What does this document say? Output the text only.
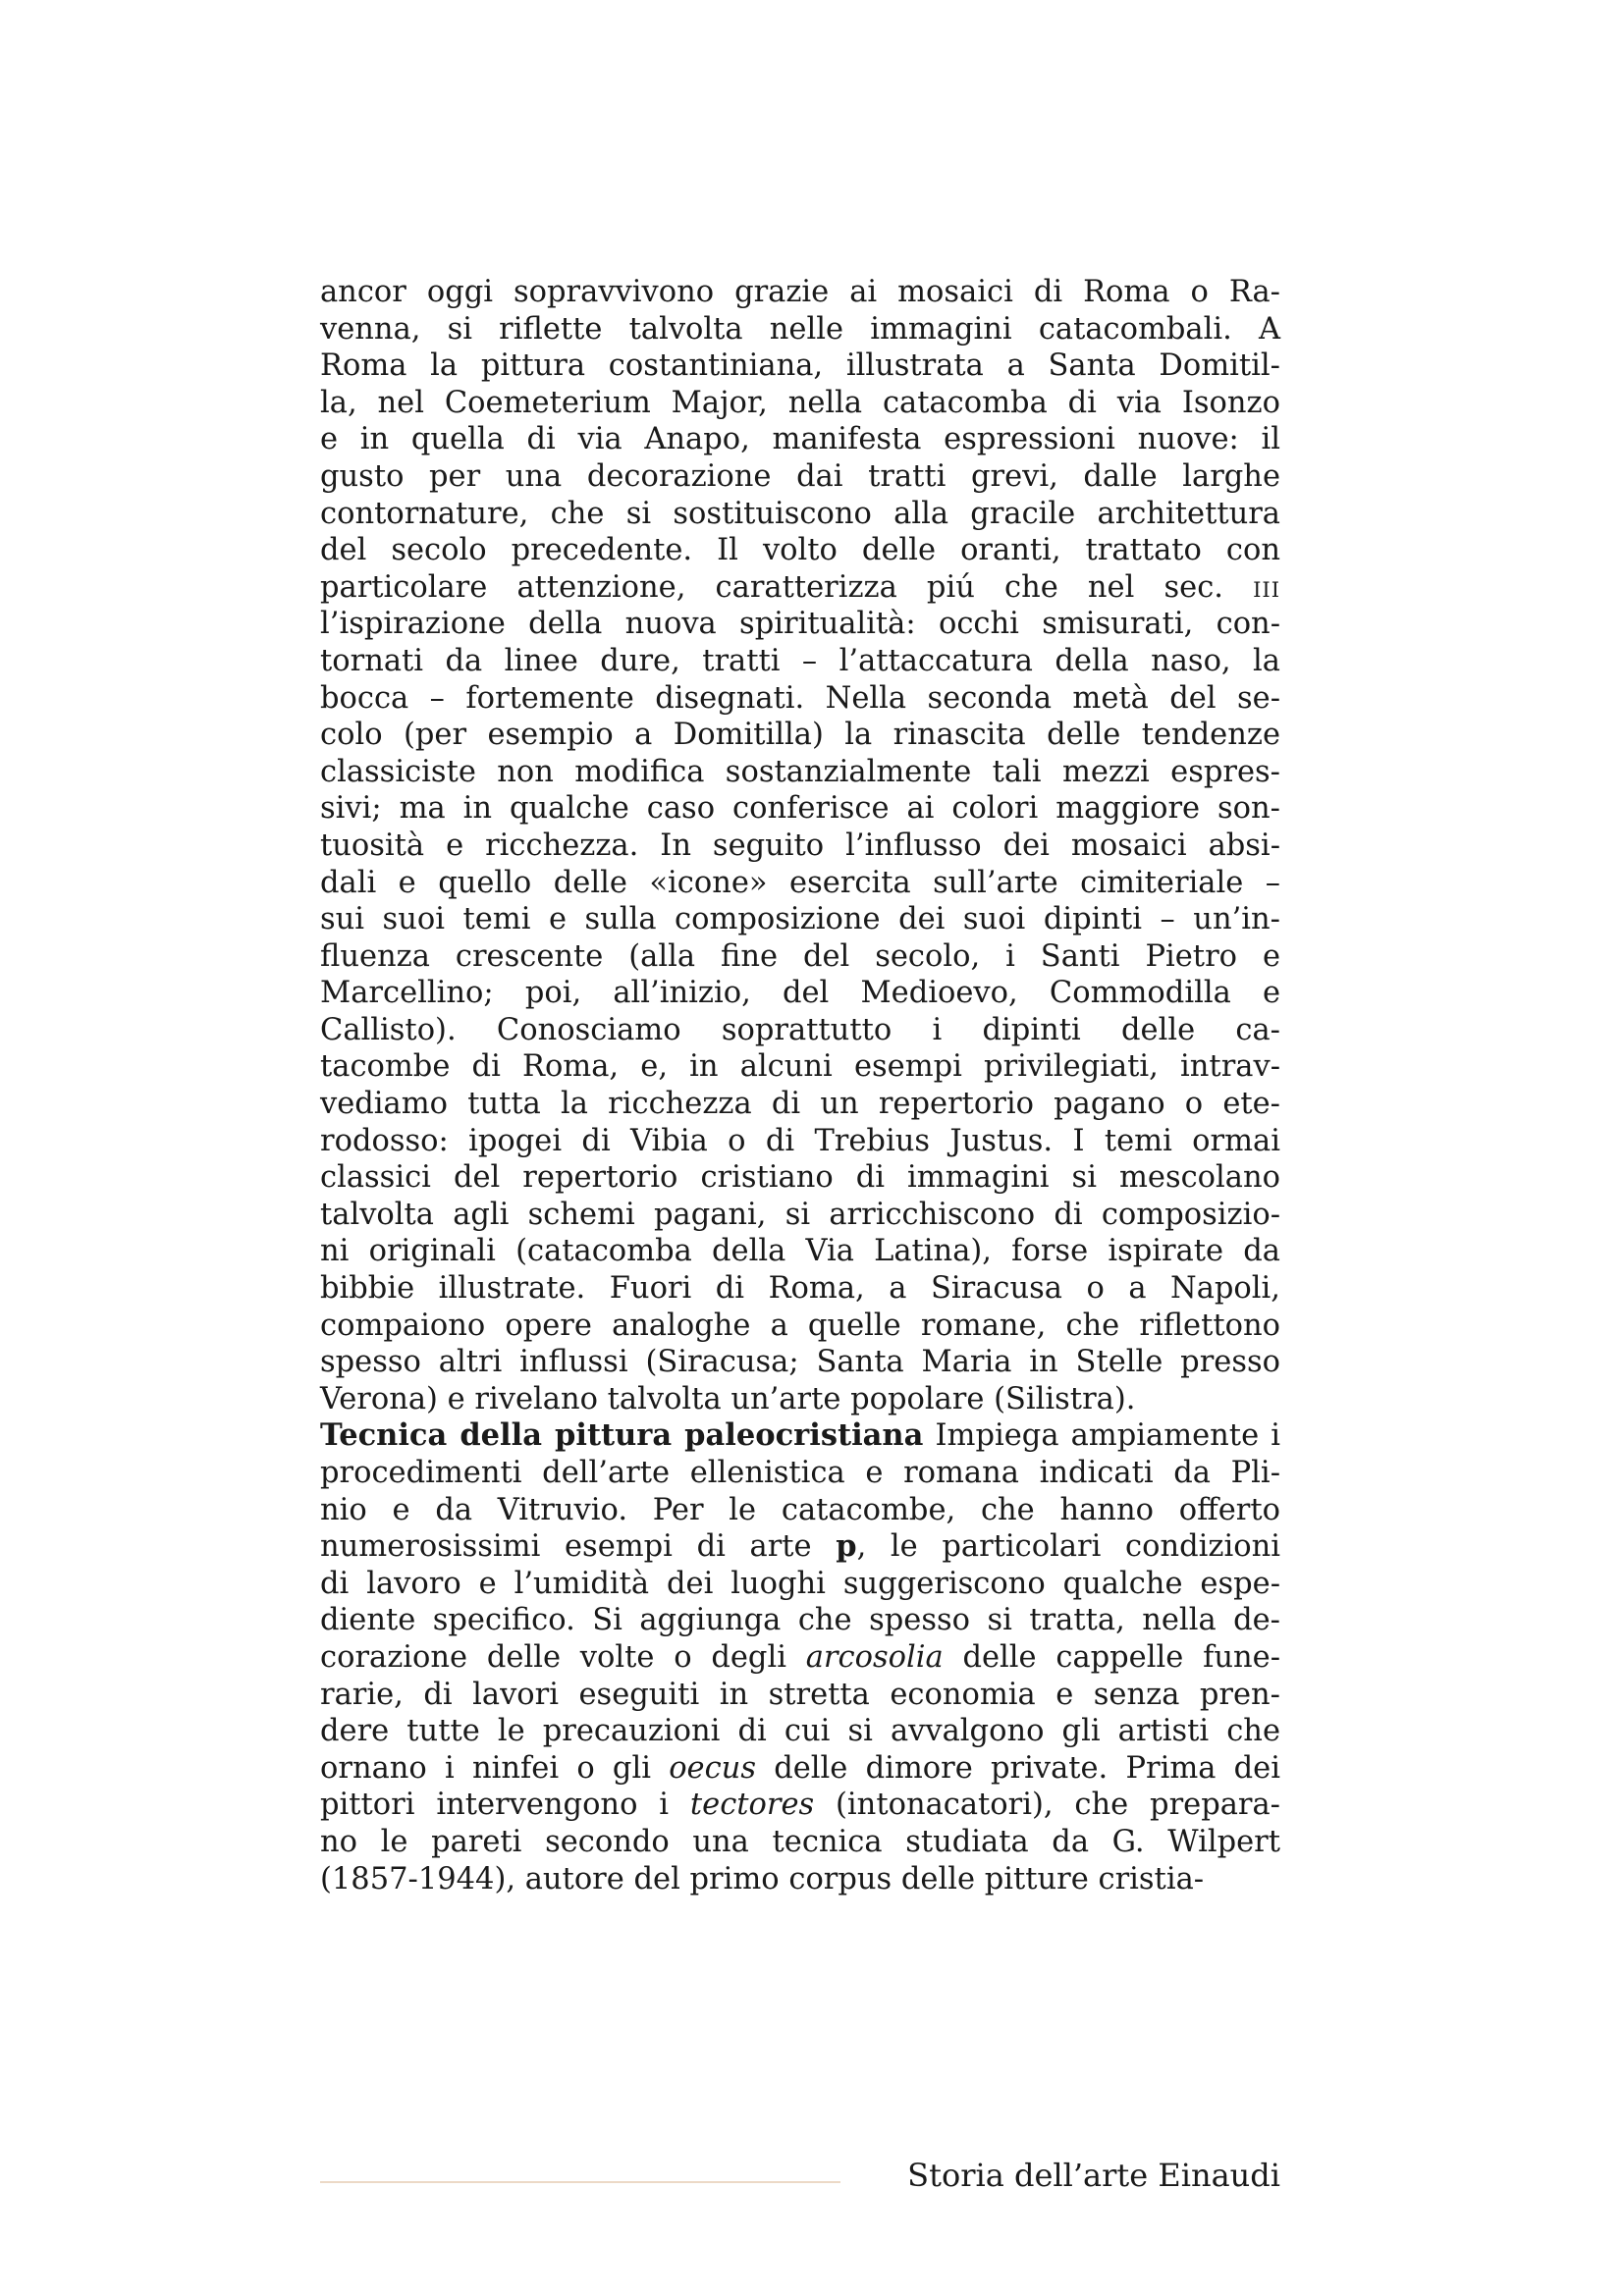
ancor oggi sopravvivono grazie ai mosaici di Roma o Ra-
venna, si riflette talvolta nelle immagini catacombali. A
Roma la pittura costantiniana, illustrata a Santa Domitil-
la, nel Coemeterium Major, nella catacomba di via Isonzo
e in quella di via Anapo, manifesta espressioni nuove: il
gusto per una decorazione dai tratti grevi, dalle larghe
contornature, che si sostituiscono alla gracile architettura
del secolo precedente. Il volto delle oranti, trattato con
particolare attenzione, caratterizza piú che nel sec. iii
l’ispirazione della nuova spiritualità: occhi smisurati, con-
tornati da linee dure, tratti – l’attaccatura della naso, la
bocca – fortemente disegnati. Nella seconda metà del se-
colo (per esempio a Domitilla) la rinascita delle tendenze
classiciste non modifica sostanzialmente tali mezzi espres-
sivi; ma in qualche caso conferisce ai colori maggiore son-
tuosità e ricchezza. In seguito l’influsso dei mosaici absi-
dali e quello delle «icone» esercita sull’arte cimiteriale –
sui suoi temi e sulla composizione dei suoi dipinti – un’in-
fluenza crescente (alla fine del secolo, i Santi Pietro e
Marcellino; poi, all’inizio, del Medioevo, Commodilla e
Callisto). Conosciamo soprattutto i dipinti delle ca-
tacombe di Roma, e, in alcuni esempi privilegiati, intrav-
vediamo tutta la ricchezza di un repertorio pagano o ete-
rodosso: ipogei di Vibia o di Trebius Justus. I temi ormai
classici del repertorio cristiano di immagini si mescolano
talvolta agli schemi pagani, si arricchiscono di composizio-
ni originali (catacomba della Via Latina), forse ispirate da
bibbie illustrate. Fuori di Roma, a Siracusa o a Napoli,
compaiono opere analoghe a quelle romane, che riflettono
spesso altri influssi (Siracusa; Santa Maria in Stelle presso
Verona) e rivelano talvolta un’arte popolare (Silistra).
Tecnica della pittura paleocristiana Impiega ampiamente i
procedimenti dell’arte ellenistica e romana indicati da Pli-
nio e da Vitruvio. Per le catacombe, che hanno offerto
numerosissimi esempi di arte p, le particolari condizioni
di lavoro e l’umidità dei luoghi suggeriscono qualche espe-
diente specifico. Si aggiunga che spesso si tratta, nella de-
corazione delle volte o degli arcosolia delle cappelle fune-
rarie, di lavori eseguiti in stretta economia e senza pren-
dere tutte le precauzioni di cui si avvalgono gli artisti che
ornano i ninfei o gli oecus delle dimore private. Prima dei
pittori intervengono i tectores (intonacatori), che prepara-
no le pareti secondo una tecnica studiata da G. Wilpert
(1857-1944), autore del primo corpus delle pitture cristia-
Storia dell’arte Einaudi
